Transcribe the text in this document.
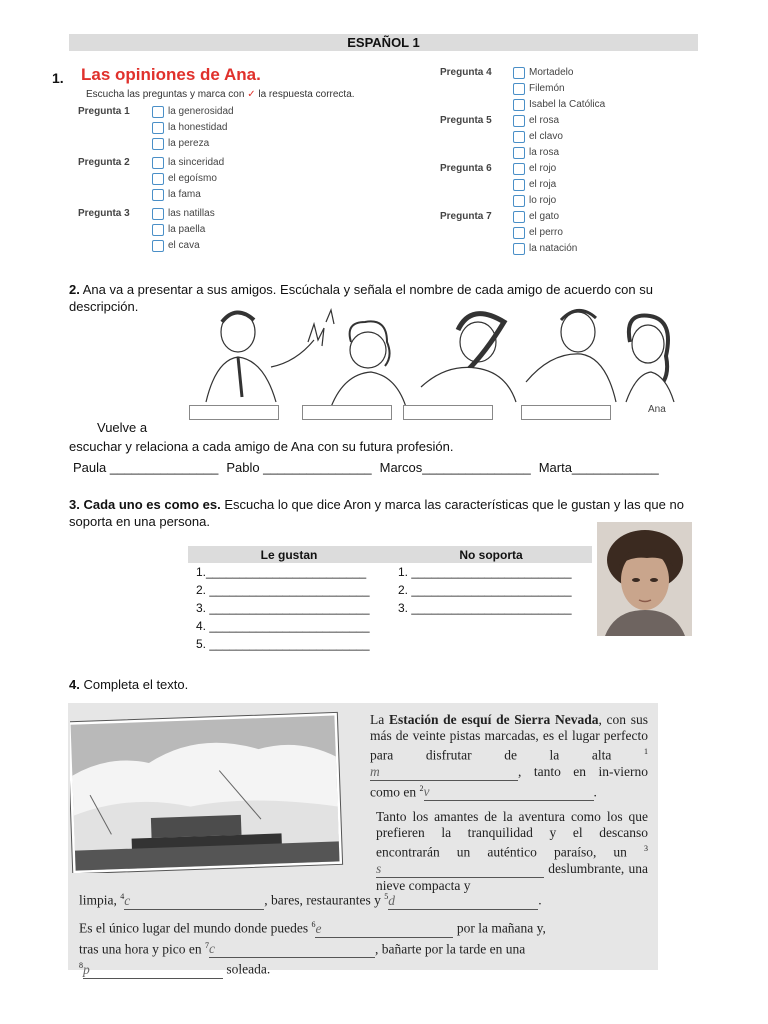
ESPAÑOL 1
1. Las opiniones de Ana.
Escucha las preguntas y marca con ✓ la respuesta correcta.
Pregunta 1	la generosidad
la honestidad
la pereza
Pregunta 2	la sinceridad
el egoísmo
la fama
Pregunta 3	las natillas
la paella
el cava
Pregunta 4	Mortadelo
Filemón
Isabel la Católica
Pregunta 5	el rosa
el clavo
la rosa
Pregunta 6	el rojo
el roja
lo rojo
Pregunta 7	el gato
el perro
la natación
2. Ana va a presentar a sus amigos. Escúchala y señala el nombre de cada amigo de acuerdo con su descripción.
Ana
Vuelve a
escuchar y relaciona a cada amigo de Ana con su futura profesión.
Paula _______________ Pablo _______________ Marcos_______________ Marta____________
3. Cada uno es como es. Escucha lo que dice Aron y marca las características que le gustan y las que no soporta en una persona.
Le gustan	No soporta
1.________________________	1. ________________________
2. ________________________	2. ________________________
3. ________________________	3. ________________________
4. ________________________	
5. ________________________	
4. Completa el texto.
La Estación de esquí de Sierra Nevada, con sus más de veinte pistas marcadas, es el lugar perfecto para disfrutar de la alta	$^1$m	, tanto en in-vierno como en $^2$v	.
Tanto los amantes de la aventura como los que prefieren la tranquilidad y el descanso encontrarán un auténtico paraíso, un $^3$s	deslumbrante, una nieve compacta y
limpia, $^4$c	, bares, restaurantes y $^5$d	.
Es el único lugar del mundo donde puedes $^6$e	por la mañana y,
tras una hora y pico en $^7$c	, bañarte por la tarde en una
$^8$p	soleada.
